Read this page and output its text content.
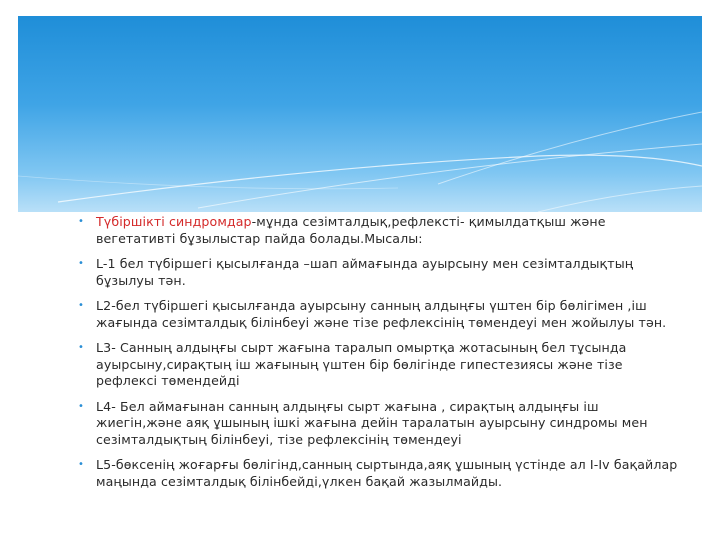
• Түбіршікті синдромдар-мұнда сезімталдық,рефлексті- қимылдатқыш және вегетативті бұзылыстар пайда болады.Мысалы:
• L-1 бел түбіршегі қысылғанда –шап аймағында ауырсыну мен сезімталдықтың бұзылуы тән.
• L2-бел түбіршегі қысылғанда ауырсыну санның алдыңғы үштен бір бөлігімен ,іш жағында сезімталдық білінбеуі және тізе рефлексінің төмендеуі мен жойылуы тән.
• L3- Санның алдыңғы сырт жағына таралып омыртқа жотасының бел тұсында ауырсыну,сирақтың іш жағының үштен бір бөлігінде гипестезиясы және тізе рефлексі төмендейді
• L4- Бел аймағынан санның алдыңғы сырт жағына , сирақтың алдыңғы іш жиегін,және аяқ ұшының ішкі жағына дейін таралатын ауырсыну синдромы мен сезімталдықтың білінбеуі, тізе рефлексінің төмендеуі
• L5-бөксенің жоғарғы бөлігінд,санның сыртында,аяқ ұшының үстінде ал I-Iv бақайлар маңында сезімталдық білінбейді,үлкен бақай жазылмайды.
